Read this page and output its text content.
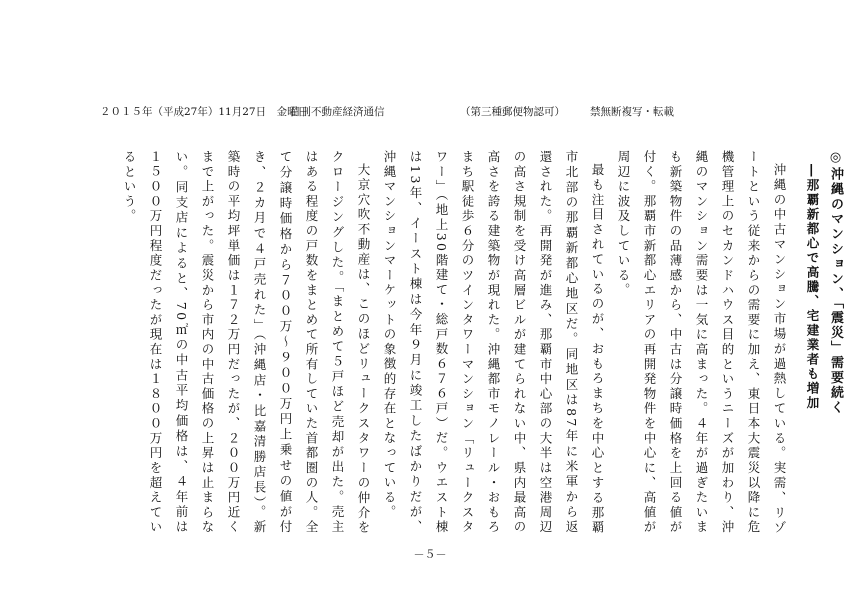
２０１５年（平成27年）11月27日　金曜日
日刊不動産経済通信	（第三種郵便物認可） 禁無断複写・転載

◎沖縄のマンション、「震災」需要続く

―那覇新都心で高騰、宅建業者も増加

沖縄の中古マンション市場が過熱している。実需、リゾートという従来からの需要に加え、東日本大震災以降に危機管理上のセカンドハウス目的というニーズが加わり、沖縄のマンション需要は一気に高まった。４年が過ぎたいまも新築物件の品薄感から、中古は分譲時価格を上回る値が付く。那覇市新都心エリアの再開発物件を中心に、高値が周辺に波及している。

最も注目されているのが、おもろまちを中心とする那覇市北部の那覇新都心地区だ。同地区は87年に米軍から返還された。再開発が進み、那覇市中心部の大半は空港周辺の高さ規制を受け高層ビルが建てられない中、県内最高の高さを誇る建築物が現れた。沖縄都市モノレール・おもろまち駅徒歩６分のツインタワーマンション「リュークスタワー」（地上30階建て・総戸数６７６戸）だ。ウエスト棟は13年、イースト棟は今年９月に竣工したばかりだが、沖縄マンションマーケットの象徴的存在となっている。

大京穴吹不動産は、このほどリュークスタワーの仲介をクロージングした。「まとめて５戸ほど売却が出た。売主はある程度の戸数をまとめて所有していた首都圏の人。全て分譲時価格から７００万～９００万円上乗せの値が付き、２カ月で４戸売れた」（沖縄店・比嘉清勝店長）。新築時の平均坪単価は１７２万円だったが、２００万円近くまで上がった。震災から市内の中古価格の上昇は止まらない。同支店によると、70㎡の中古平均価格は、４年前は１５００万円程度だったが現在は１８００万円を超えているという。

－５－
